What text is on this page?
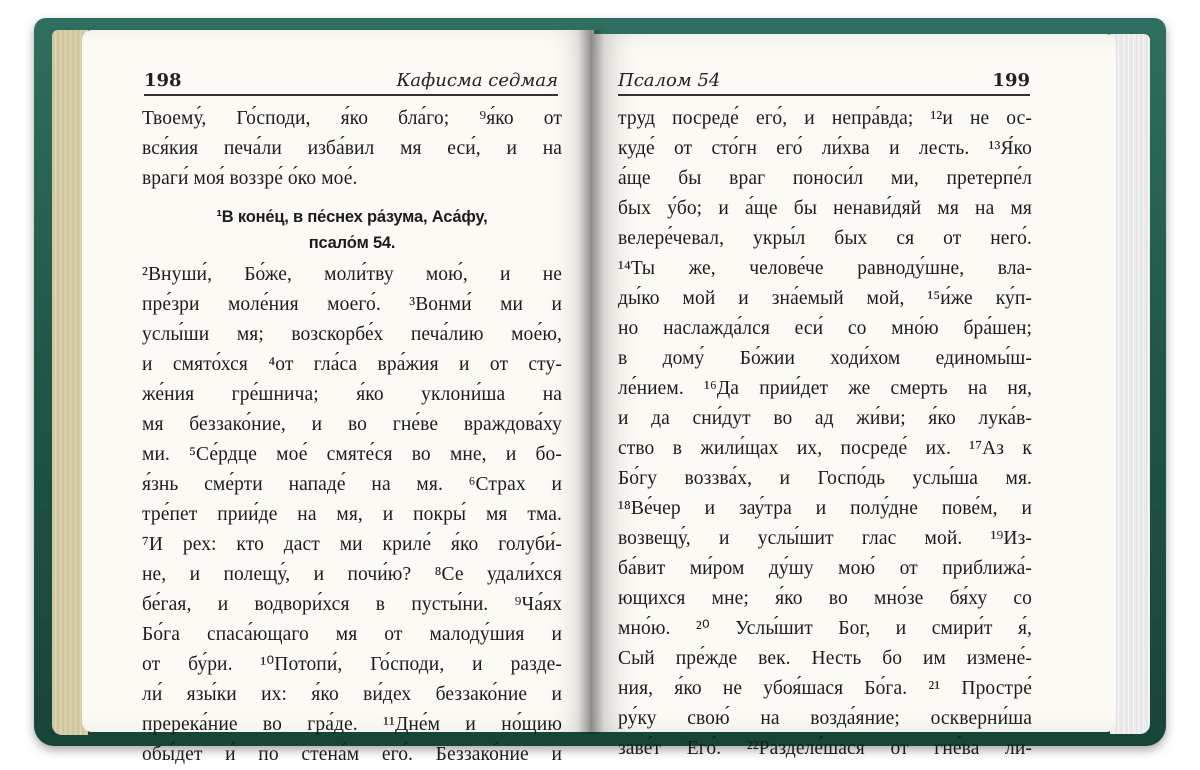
198	Кафисма седмая
Твоему́, Го́споди, я́ко бла́го; ⁹я́ко от
вся́кия печа́ли изба́вил мя еси́, и на
враги́ моя́ воззре́ о́ко мое́.
¹В коне́ц, в пе́снех ра́зума, Аса́фу,
псало́м 54.
²Внуши́, Бо́же, моли́тву мою́, и не
пре́зри моле́ния моего́. ³Вонми́ ми и
услы́ши мя; возскорбе́х печа́лию мое́ю,
и смято́хся ⁴от гла́са вра́жия и от сту-
же́ния гре́шнича; я́ко уклони́ша на
мя беззако́ние, и во гне́ве враждова́ху
ми. ⁵Се́рдце мое́ смяте́ся во мне, и бо-
я́знь сме́рти нападе́ на мя. ⁶Страх и
тре́пет прии́де на мя, и покры́ мя тма.
⁷И рех: кто даст ми криле́ я́ко голуби́-
не, и полещу́, и почи́ю? ⁸Се удали́хся
бе́гая, и водвори́хся в пусты́ни. ⁹Ча́ях
Бо́га спаса́ющаго мя от малоду́шия и
от бу́ри. ¹⁰Потопи́, Го́споди, и разде-
ли́ язы́ки их: я́ко ви́дех беззако́ние и
пререка́ние во гра́де. ¹¹Дне́м и но́щию
обы́дет и́ по стена́м его́. Беззако́ние и
Псалом 54	199
труд посреде́ его́, и непра́вда; ¹²и не ос-
куде́ от сто́гн его́ ли́хва и лесть. ¹³Я́ко
а́ще бы враг поноси́л ми, претерпе́л
бых у́бо; и а́ще бы ненави́дяй мя на мя
велере́чевал, укры́л бых ся от него́.
¹⁴Ты же, челове́че равноду́шне, вла-
ды́ко мой и зна́емый мой, ¹⁵и́же ку́п-
но наслажда́лся еси́ со мно́ю бра́шен;
в дому́ Бо́жии ходи́хом единомы́ш-
ле́нием. ¹⁶Да прии́дет же смерть на ня,
и да сни́дут во ад жи́ви; я́ко лука́в-
ство в жили́щах их, посреде́ их. ¹⁷Аз к
Бо́гу воззва́х, и Госпо́дь услы́ша мя.
¹⁸Ве́чер и зау́тра и полу́дне пове́м, и
возвещу́, и услы́шит глас мой. ¹⁹Из-
ба́вит ми́ром ду́шу мою́ от приближа́-
ющихся мне; я́ко во мно́зе бя́ху со
мно́ю. ²⁰ Услы́шит Бог, и смири́т я́,
Сый пре́жде век. Несть бо им измене́-
ния, я́ко не убоя́шася Бо́га. ²¹ Простре́
ру́ку свою́ на возда́яние; оскверни́ша
заве́т Его́. ²²Разделе́шася от гне́ва ли-
